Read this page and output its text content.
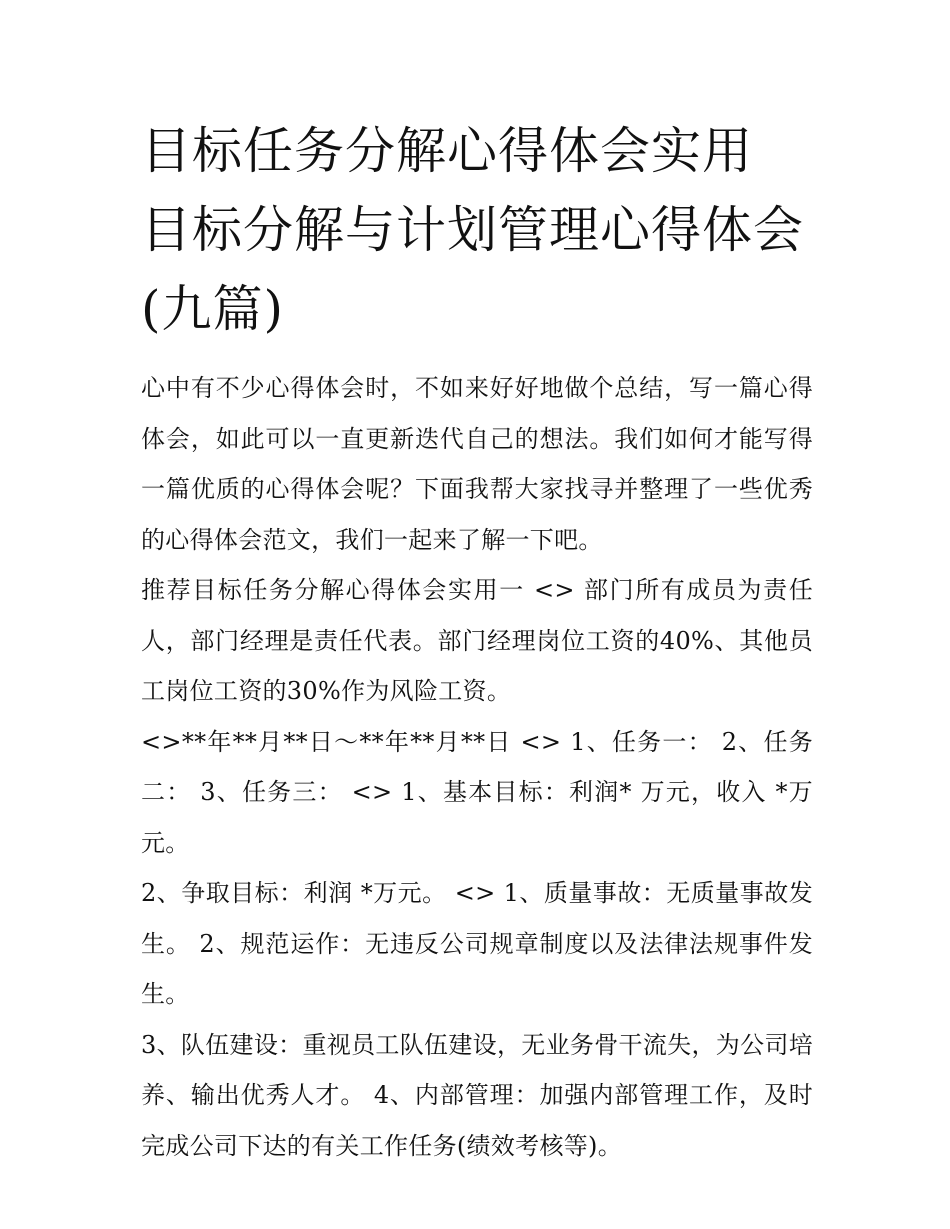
目标任务分解心得体会实用 目标分解与计划管理心得体会(九篇)

心中有不少心得体会时，不如来好好地做个总结，写一篇心得体会，如此可以一直更新迭代自己的想法。我们如何才能写得一篇优质的心得体会呢？下面我帮大家找寻并整理了一些优秀的心得体会范文，我们一起来了解一下吧。

推荐目标任务分解心得体会实用一 <> 部门所有成员为责任人，部门经理是责任代表。部门经理岗位工资的40%、其他员工岗位工资的30%作为风险工资。

<>**年**月**日～**年**月**日 <> 1、任务一： 2、任务二： 3、任务三： <> 1、基本目标：利润* 万元，收入 *万元。

2、争取目标：利润 *万元。 <> 1、质量事故：无质量事故发生。 2、规范运作：无违反公司规章制度以及法律法规事件发生。

3、队伍建设：重视员工队伍建设，无业务骨干流失，为公司培养、输出优秀人才。 4、内部管理：加强内部管理工作，及时完成公司下达的有关工作任务(绩效考核等)。
